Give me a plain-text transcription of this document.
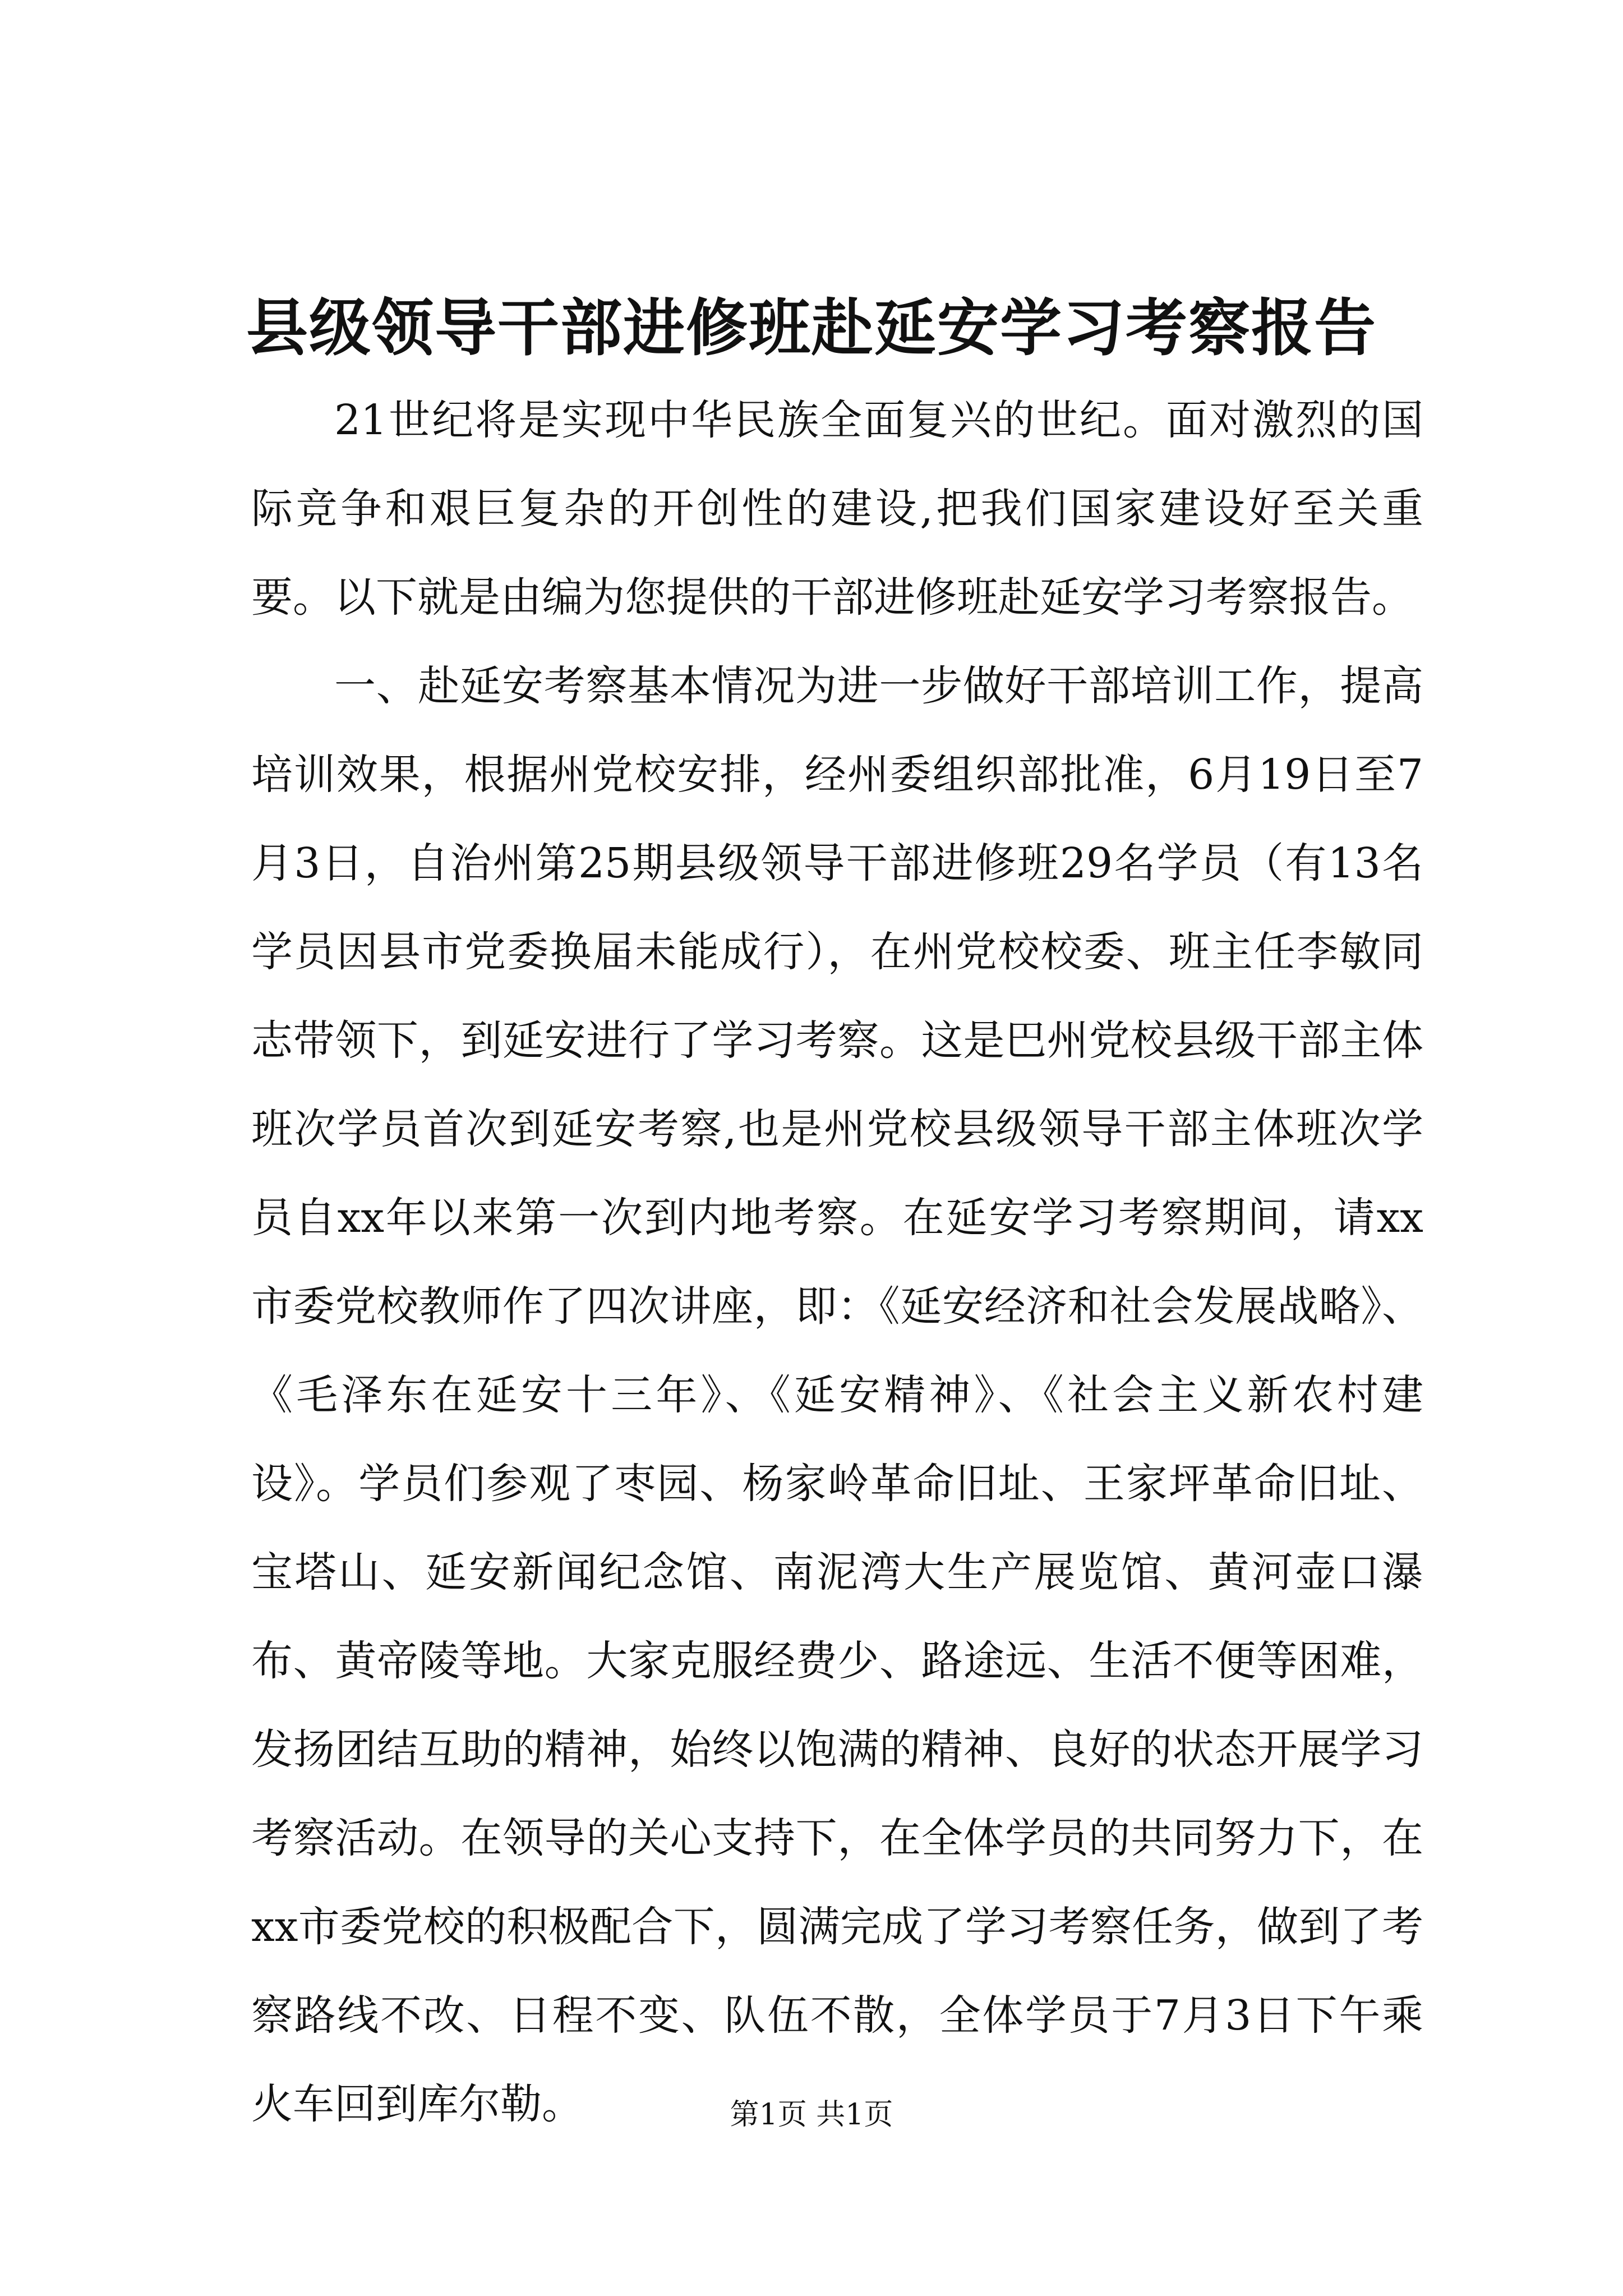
县级领导干部进修班赴延安学习考察报告

21世纪将是实现中华民族全面复兴的世纪。面对激烈的国际竞争和艰巨复杂的开创性的建设,把我们国家建设好至关重要。以下就是由编为您提供的干部进修班赴延安学习考察报告。

一、赴延安考察基本情况为进一步做好干部培训工作，提高培训效果，根据州党校安排，经州委组织部批准，6月19日至7月3日，自治州第25期县级领导干部进修班29名学员（有13名学员因县市党委换届未能成行），在州党校校委、班主任李敏同志带领下，到延安进行了学习考察。这是巴州党校县级干部主体班次学员首次到延安考察,也是州党校县级领导干部主体班次学员自xx年以来第一次到内地考察。在延安学习考察期间，请xx市委党校教师作了四次讲座，即：《延安经济和社会发展战略》、《毛泽东在延安十三年》、《延安精神》、《社会主义新农村建设》。学员们参观了枣园、杨家岭革命旧址、王家坪革命旧址、宝塔山、延安新闻纪念馆、南泥湾大生产展览馆、黄河壶口瀑布、黄帝陵等地。大家克服经费少、路途远、生活不便等困难，发扬团结互助的精神，始终以饱满的精神、良好的状态开展学习考察活动。在领导的关心支持下，在全体学员的共同努力下，在xx市委党校的积极配合下，圆满完成了学习考察任务，做到了考察路线不改、日程不变、队伍不散，全体学员于7月3日下午乘火车回到库尔勒。	第1页 共1页
